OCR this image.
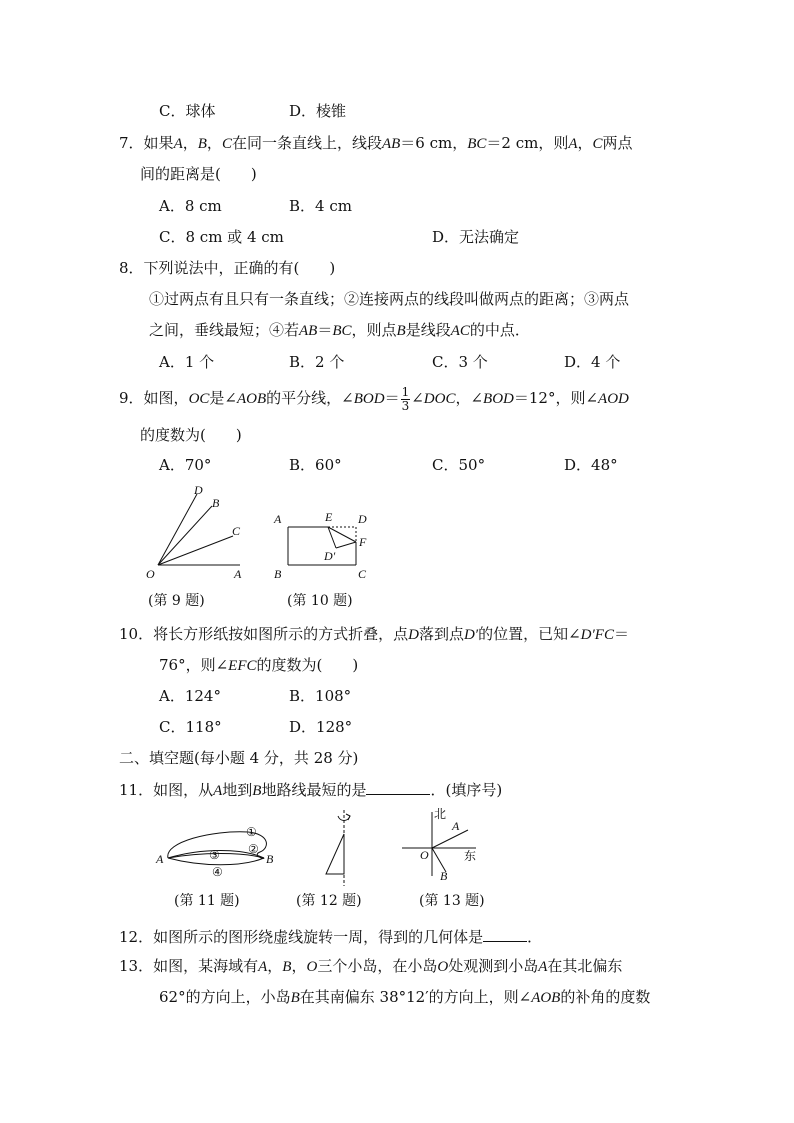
C．球体	D．棱锥
7．如果A，B，C在同一条直线上，线段AB＝6 cm，BC＝2 cm，则A，C两点
间的距离是(　　)
A．8 cm	B．4 cm
C．8 cm 或 4 cm	D．无法确定
8．下列说法中，正确的有(　　)
①过两点有且只有一条直线；②连接两点的线段叫做两点的距离；③两点
之间，垂线最短；④若AB＝BC，则点B是线段AC的中点．
A．1 个	B．2 个	C．3 个	D．4 个
9．如图，OC是∠AOB的平分线，∠BOD＝ $\frac{1}{3}$ ∠DOC，∠BOD＝12°，则∠AOD
的度数为(　　)
A．70°	B．60°	C．50°	D．48°
D
B
C
O	A
(第 9 题)
A	E D
F
D′
B	C
(第 10 题)
10．将长方形纸按如图所示的方式折叠，点D落到点D′的位置，已知∠D′FC＝
76°，则∠EFC的度数为(　　)
A．124°	B．108°
C．118°	D．128°
二、填空题(每小题 4 分，共 28 分)
11．如图，从A地到B地路线最短的是	．(填序号)
①
②
③
④
A	B
(第 11 题)	(第 12 题)
北
东
A
O
B
(第 13 题)
12．如图所示的图形绕虚线旋转一周，得到的几何体是	．
13．如图，某海域有A，B，O三个小岛，在小岛O处观测到小岛A在其北偏东
62°的方向上，小岛B在其南偏东 38°12′的方向上，则∠AOB的补角的度数
